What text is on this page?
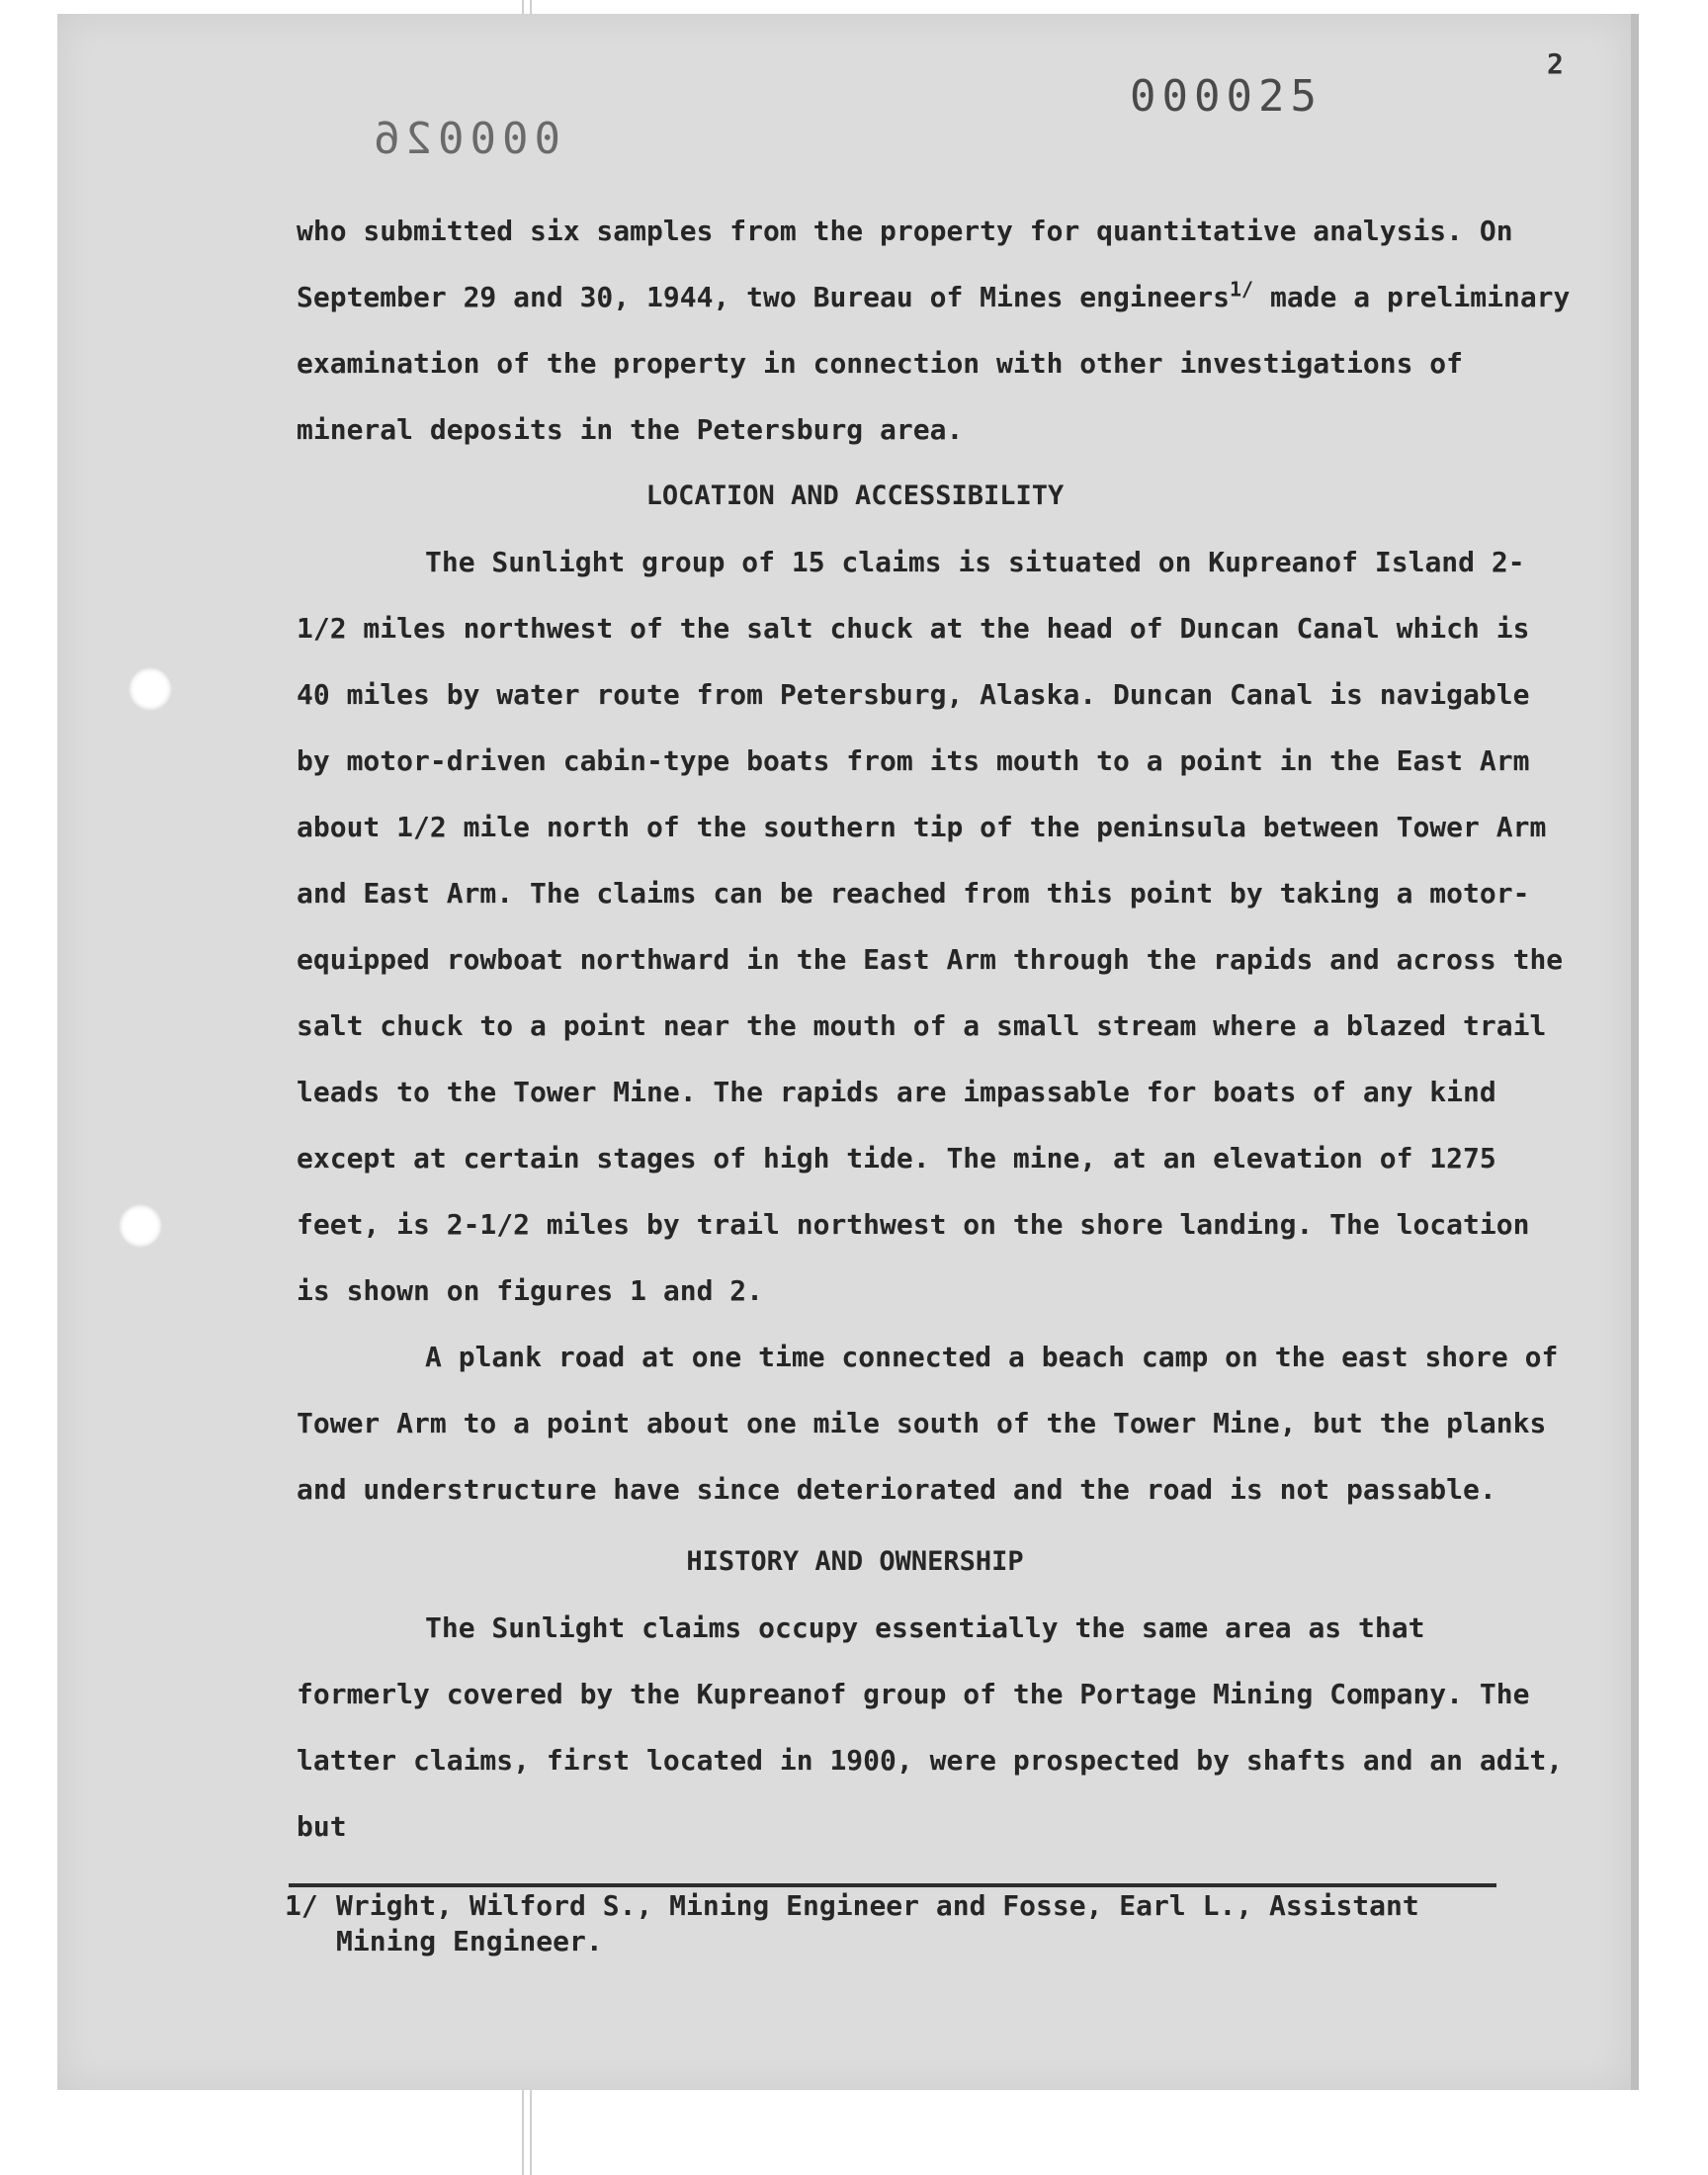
000025
000026
2

who submitted six samples from the property for quantitative analysis. On September 29 and 30, 1944, two Bureau of Mines engineers$^{1/}$ made a preliminary examination of the property in connection with other investigations of mineral deposits in the Petersburg area.

LOCATION AND ACCESSIBILITY

The Sunlight group of 15 claims is situated on Kupreanof Island 2-1/2 miles northwest of the salt chuck at the head of Duncan Canal which is 40 miles by water route from Petersburg, Alaska. Duncan Canal is navigable by motor-driven cabin-type boats from its mouth to a point in the East Arm about 1/2 mile north of the southern tip of the peninsula between Tower Arm and East Arm. The claims can be reached from this point by taking a motor-equipped rowboat northward in the East Arm through the rapids and across the salt chuck to a point near the mouth of a small stream where a blazed trail leads to the Tower Mine. The rapids are impassable for boats of any kind except at certain stages of high tide. The mine, at an elevation of 1275 feet, is 2-1/2 miles by trail northwest on the shore landing. The location is shown on figures 1 and 2.

A plank road at one time connected a beach camp on the east shore of Tower Arm to a point about one mile south of the Tower Mine, but the planks and understructure have since deteriorated and the road is not passable.

HISTORY AND OWNERSHIP

The Sunlight claims occupy essentially the same area as that formerly covered by the Kupreanof group of the Portage Mining Company. The latter claims, first located in 1900, were prospected by shafts and an adit, but

1/ Wright, Wilford S., Mining Engineer and Fosse, Earl L., Assistant
Mining Engineer.
